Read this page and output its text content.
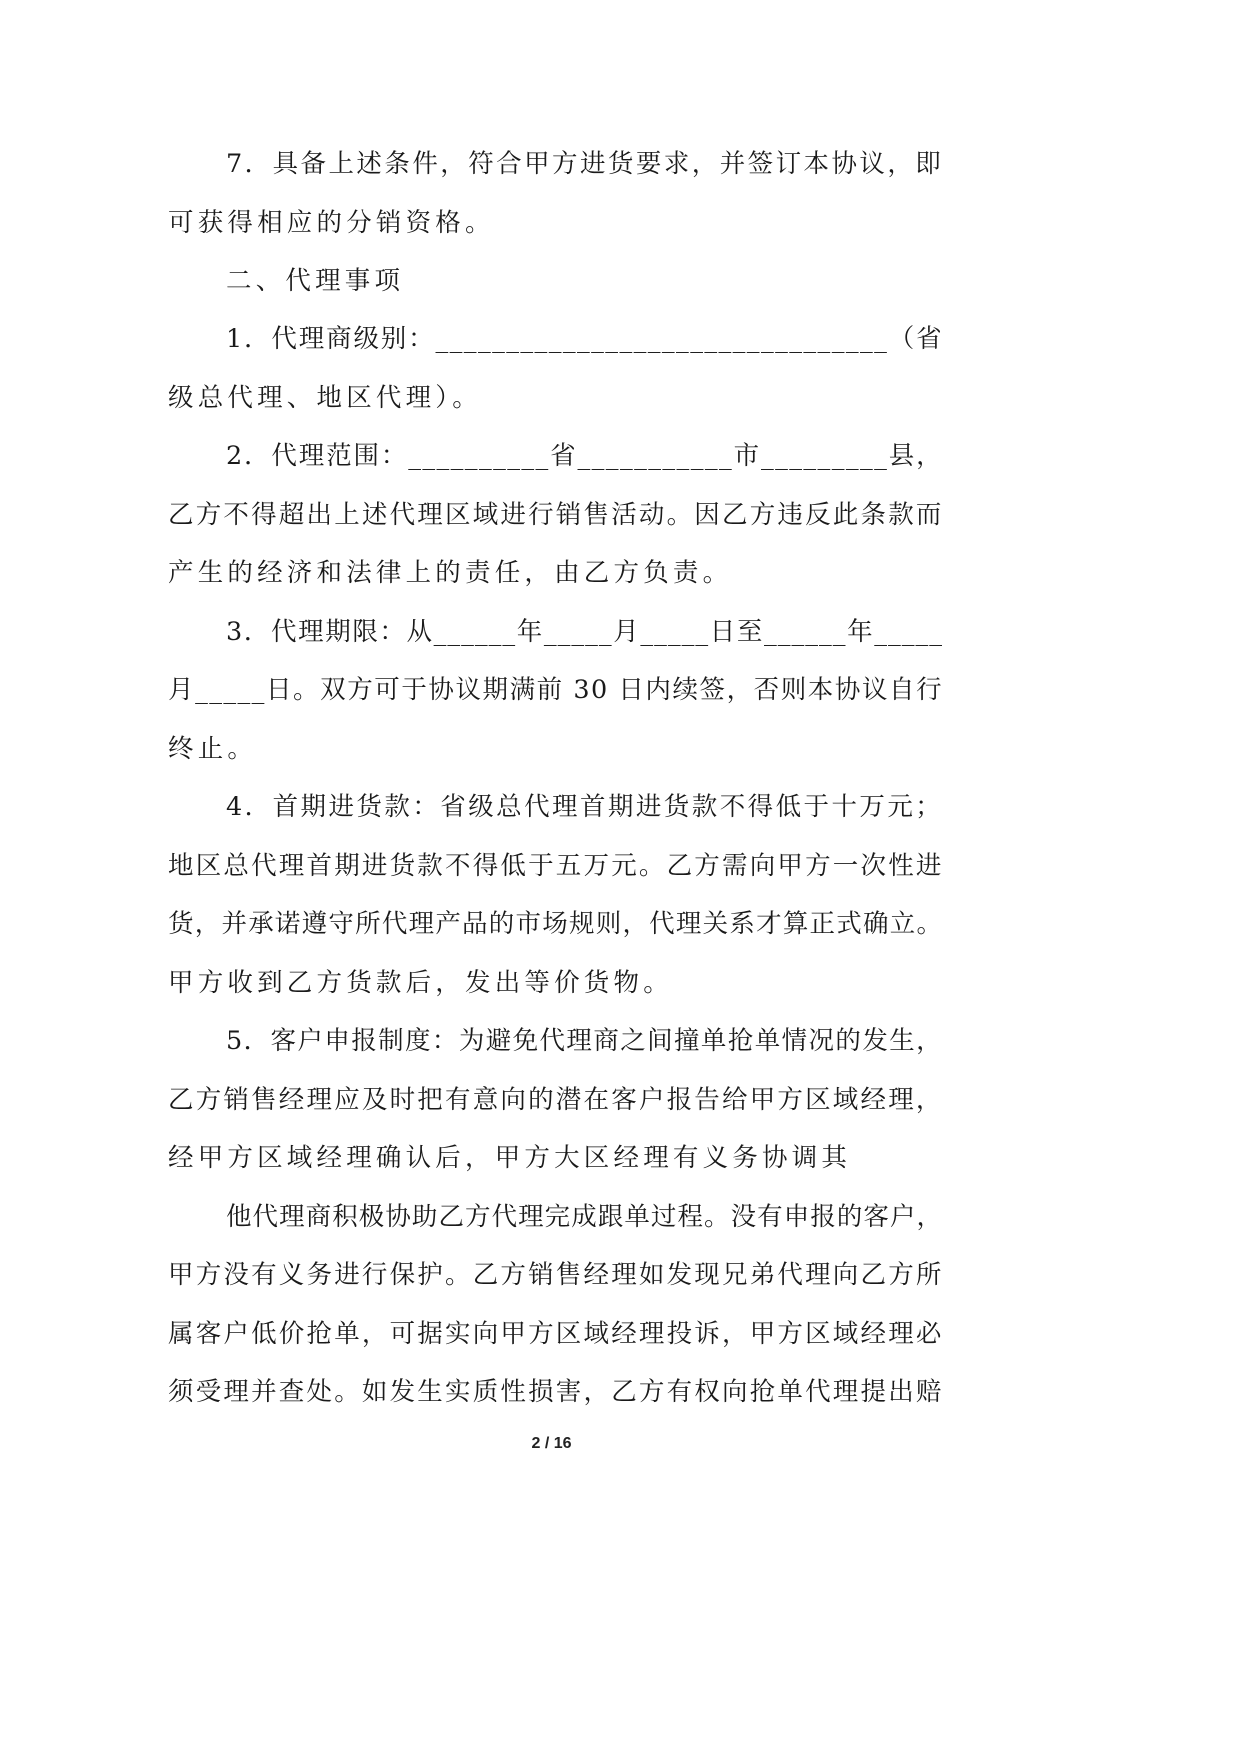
7．具备上述条件，符合甲方进货要求，并签订本协议，即
可获得相应的分销资格。
二、代理事项
1．代理商级别：________________________________（省
级总代理、地区代理）。
2．代理范围：__________省___________市_________县，
乙方不得超出上述代理区域进行销售活动。因乙方违反此条款而
产生的经济和法律上的责任，由乙方负责。
3．代理期限：从______年_____月_____日至______年_____
月_____日。双方可于协议期满前 30 日内续签，否则本协议自行
终止。
4．首期进货款：省级总代理首期进货款不得低于十万元；
地区总代理首期进货款不得低于五万元。乙方需向甲方一次性进
货，并承诺遵守所代理产品的市场规则，代理关系才算正式确立。
甲方收到乙方货款后，发出等价货物。
5．客户申报制度：为避免代理商之间撞单抢单情况的发生，
乙方销售经理应及时把有意向的潜在客户报告给甲方区域经理，
经甲方区域经理确认后，甲方大区经理有义务协调其
他代理商积极协助乙方代理完成跟单过程。没有申报的客户，
甲方没有义务进行保护。乙方销售经理如发现兄弟代理向乙方所
属客户低价抢单，可据实向甲方区域经理投诉，甲方区域经理必
须受理并查处。如发生实质性损害，乙方有权向抢单代理提出赔
2 / 16
